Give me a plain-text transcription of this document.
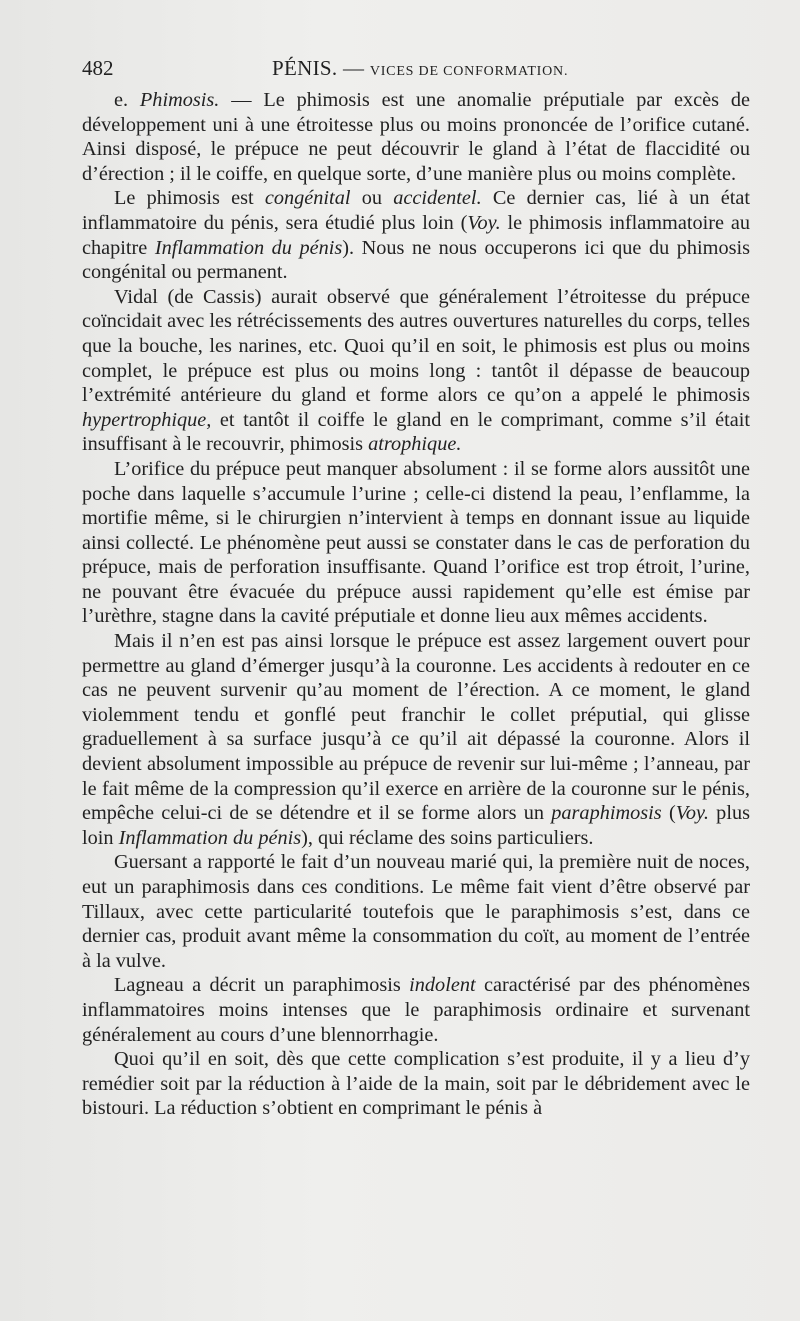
482	PÉNIS. — VICES DE CONFORMATION.

e. Phimosis. — Le phimosis est une anomalie préputiale par excès de développement uni à une étroitesse plus ou moins prononcée de l’orifice cutané. Ainsi disposé, le prépuce ne peut découvrir le gland à l’état de flaccidité ou d’érection ; il le coiffe, en quelque sorte, d’une manière plus ou moins complète.

Le phimosis est congénital ou accidentel. Ce dernier cas, lié à un état inflammatoire du pénis, sera étudié plus loin (Voy. le phimosis inflammatoire au chapitre Inflammation du pénis). Nous ne nous occuperons ici que du phimosis congénital ou permanent.

Vidal (de Cassis) aurait observé que généralement l’étroitesse du prépuce coïncidait avec les rétrécissements des autres ouvertures naturelles du corps, telles que la bouche, les narines, etc. Quoi qu’il en soit, le phimosis est plus ou moins complet, le prépuce est plus ou moins long : tantôt il dépasse de beaucoup l’extrémité antérieure du gland et forme alors ce qu’on a appelé le phimosis hypertrophique, et tantôt il coiffe le gland en le comprimant, comme s’il était insuffisant à le recouvrir, phimosis atrophique.

L’orifice du prépuce peut manquer absolument : il se forme alors aussitôt une poche dans laquelle s’accumule l’urine ; celle-ci distend la peau, l’enflamme, la mortifie même, si le chirurgien n’intervient à temps en donnant issue au liquide ainsi collecté. Le phénomène peut aussi se constater dans le cas de perforation du prépuce, mais de perforation insuffisante. Quand l’orifice est trop étroit, l’urine, ne pouvant être évacuée du prépuce aussi rapidement qu’elle est émise par l’urèthre, stagne dans la cavité préputiale et donne lieu aux mêmes accidents.

Mais il n’en est pas ainsi lorsque le prépuce est assez largement ouvert pour permettre au gland d’émerger jusqu’à la couronne. Les accidents à redouter en ce cas ne peuvent survenir qu’au moment de l’érection. A ce moment, le gland violemment tendu et gonflé peut franchir le collet préputial, qui glisse graduellement à sa surface jusqu’à ce qu’il ait dépassé la couronne. Alors il devient absolument impossible au prépuce de revenir sur lui-même ; l’anneau, par le fait même de la compression qu’il exerce en arrière de la couronne sur le pénis, empêche celui-ci de se détendre et il se forme alors un paraphimosis (Voy. plus loin Inflammation du pénis), qui réclame des soins particuliers.

Guersant a rapporté le fait d’un nouveau marié qui, la première nuit de noces, eut un paraphimosis dans ces conditions. Le même fait vient d’être observé par Tillaux, avec cette particularité toutefois que le paraphimosis s’est, dans ce dernier cas, produit avant même la consommation du coït, au moment de l’entrée à la vulve.

Lagneau a décrit un paraphimosis indolent caractérisé par des phénomènes inflammatoires moins intenses que le paraphimosis ordinaire et survenant généralement au cours d’une blennorrhagie.

Quoi qu’il en soit, dès que cette complication s’est produite, il y a lieu d’y remédier soit par la réduction à l’aide de la main, soit par le débridement avec le bistouri. La réduction s’obtient en comprimant le pénis à
